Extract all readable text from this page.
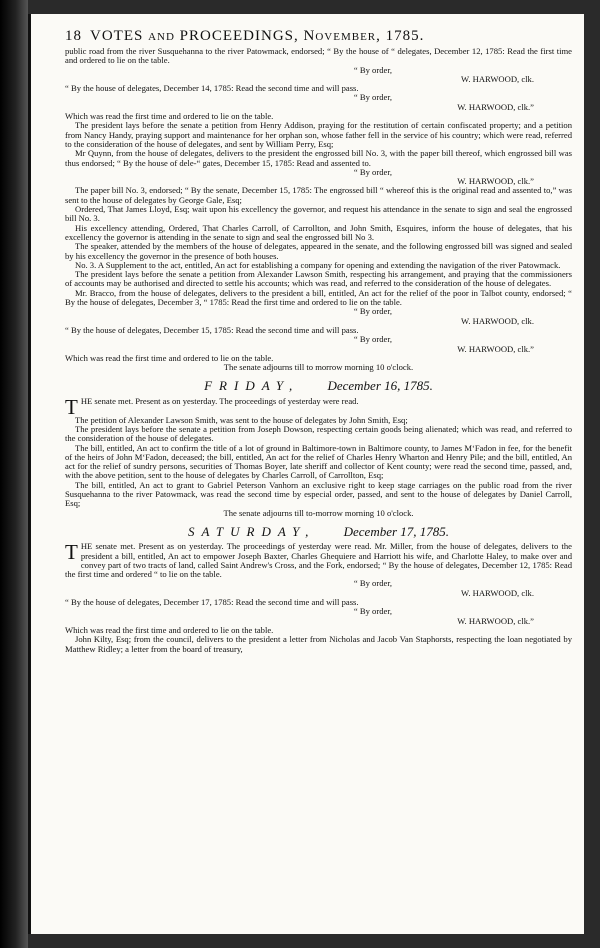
18 VOTES and PROCEEDINGS, November, 1785.

public road from the river Susquehanna to the river Patowmack, endorsed; “ By the house of “ delegates, December 12, 1785: Read the first time and ordered to lie on the table.

“ By order,

W. HARWOOD, clk.

“ By the house of delegates, December 14, 1785: Read the second time and will pass.

“ By order,

W. HARWOOD, clk.”

Which was read the first time and ordered to lie on the table.

The president lays before the senate a petition from Henry Addison, praying for the restitution of certain confiscated property; and a petition from Nancy Handy, praying support and maintenance for her orphan son, whose father fell in the service of his country; which were read, referred to the consideration of the house of delegates, and sent by William Perry, Esq;

Mr Quynn, from the house of delegates, delivers to the president the engrossed bill No. 3, with the paper bill thereof, which engrossed bill was thus endorsed; “ By the house of dele-“ gates, December 15, 1785: Read and assented to.

“ By order,

W. HARWOOD, clk.”

The paper bill No. 3, endorsed; “ By the senate, December 15, 1785: The engrossed bill “ whereof this is the original read and assented to,” was sent to the house of delegates by George Gale, Esq;

Ordered, That James Lloyd, Esq; wait upon his excellency the governor, and request his attendance in the senate to sign and seal the engrossed bill No. 3.

His excellency attending, Ordered, That Charles Carroll, of Carrollton, and John Smith, Esquires, inform the house of delegates, that his excellency the governor is attending in the senate to sign and seal the engrossed bill No 3.

The speaker, attended by the members of the house of delegates, appeared in the senate, and the following engrossed bill was signed and sealed by his excellency the governor in the presence of both houses.

No. 3. A Supplement to the act, entitled, An act for establishing a company for opening and extending the navigation of the river Patowmack.

The president lays before the senate a petition from Alexander Lawson Smith, respecting his arrangement, and praying that the commissioners of accounts may be authorised and directed to settle his accounts; which was read, and referred to the consideration of the house of delegates.

Mr. Bracco, from the house of delegates, delivers to the president a bill, entitled, An act for the relief of the poor in Talbot county, endorsed; “ By the house of delegates, December 3, “ 1785: Read the first time and ordered to lie on the table.

“ By order,

W. HARWOOD, clk.

“ By the house of delegates, December 15, 1785: Read the second time and will pass.

“ By order,

W. HARWOOD, clk.”

Which was read the first time and ordered to lie on the table.

The senate adjourns till to morrow morning 10 o'clock.

FRIDAY, December 16, 1785.

THE senate met. Present as on yesterday. The proceedings of yesterday were read.

The petition of Alexander Lawson Smith, was sent to the house of delegates by John Smith, Esq;

The president lays before the senate a petition from Joseph Dowson, respecting certain goods being alienated; which was read, and referred to the consideration of the house of delegates.

The bill, entitled, An act to confirm the title of a lot of ground in Baltimore-town in Baltimore county, to James M‘Fadon in fee, for the benefit of the heirs of John M‘Fadon, deceased; the bill, entitled, An act for the relief of Charles Henry Wharton and Henry Pile; and the bill, entitled, An act for the relief of sundry persons, securities of Thomas Boyer, late sheriff and collector of Kent county; were read the second time, passed, and, with the above petition, sent to the house of delegates by Charles Carroll, of Carrollton, Esq;

The bill, entitled, An act to grant to Gabriel Peterson Vanhorn an exclusive right to keep stage carriages on the public road from the river Susquehanna to the river Patowmack, was read the second time by especial order, passed, and sent to the house of delegates by Daniel Carroll, Esq;

The senate adjourns till to-morrow morning 10 o'clock.

SATURDAY, December 17, 1785.

THE senate met. Present as on yesterday. The proceedings of yesterday were read. Mr. Miller, from the house of delegates, delivers to the president a bill, entitled, An act to empower Joseph Baxter, Charles Ghequiere and Harriott his wife, and Charlotte Haley, to make over and convey part of two tracts of land, called Saint Andrew's Cross, and the Fork, endorsed; “ By the house of delegates, December 12, 1785: Read the first time and ordered “ to lie on the table.

“ By order,

W. HARWOOD, clk.

“ By the house of delegates, December 17, 1785: Read the second time and will pass.

“ By order,

W. HARWOOD, clk.”

Which was read the first time and ordered to lie on the table.

John Kilty, Esq; from the council, delivers to the president a letter from Nicholas and Jacob Van Staphorsts, respecting the loan negotiated by Matthew Ridley; a letter from the board of treasury,
